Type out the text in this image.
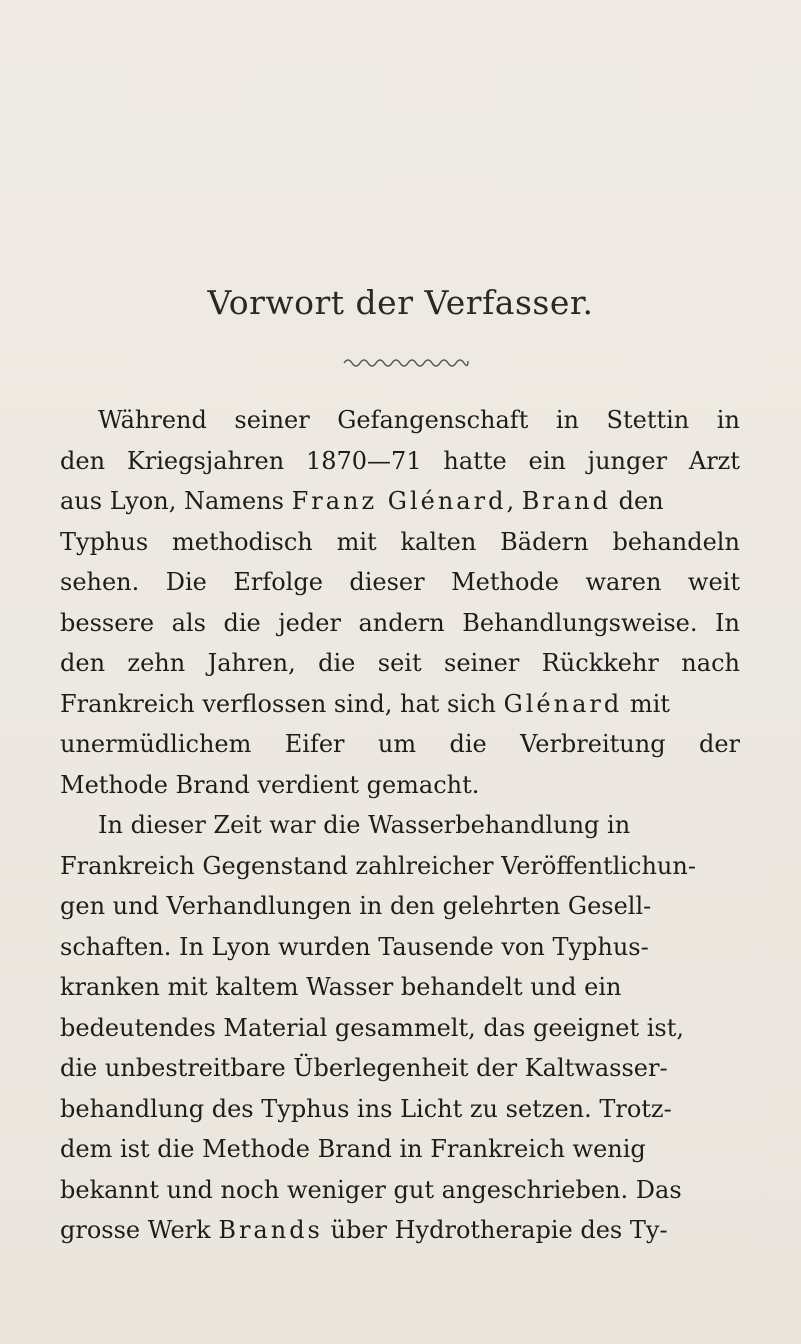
Vorwort der Verfasser.
Während seiner Gefangenschaft in Stettin in
den Kriegsjahren 1870—71 hatte ein junger Arzt
aus Lyon, Namens Franz Glénard, Brand den
Typhus methodisch mit kalten Bädern behandeln
sehen. Die Erfolge dieser Methode waren weit
bessere als die jeder andern Behandlungsweise. In
den zehn Jahren, die seit seiner Rückkehr nach
Frankreich verflossen sind, hat sich Glénard mit
unermüdlichem Eifer um die Verbreitung der
Methode Brand verdient gemacht.
In dieser Zeit war die Wasserbehandlung in
Frankreich Gegenstand zahlreicher Veröffentlichun-
gen und Verhandlungen in den gelehrten Gesell-
schaften. In Lyon wurden Tausende von Typhus-
kranken mit kaltem Wasser behandelt und ein
bedeutendes Material gesammelt, das geeignet ist,
die unbestreitbare Überlegenheit der Kaltwasser-
behandlung des Typhus ins Licht zu setzen. Trotz-
dem ist die Methode Brand in Frankreich wenig
bekannt und noch weniger gut angeschrieben. Das
grosse Werk Brands über Hydrotherapie des Ty-
